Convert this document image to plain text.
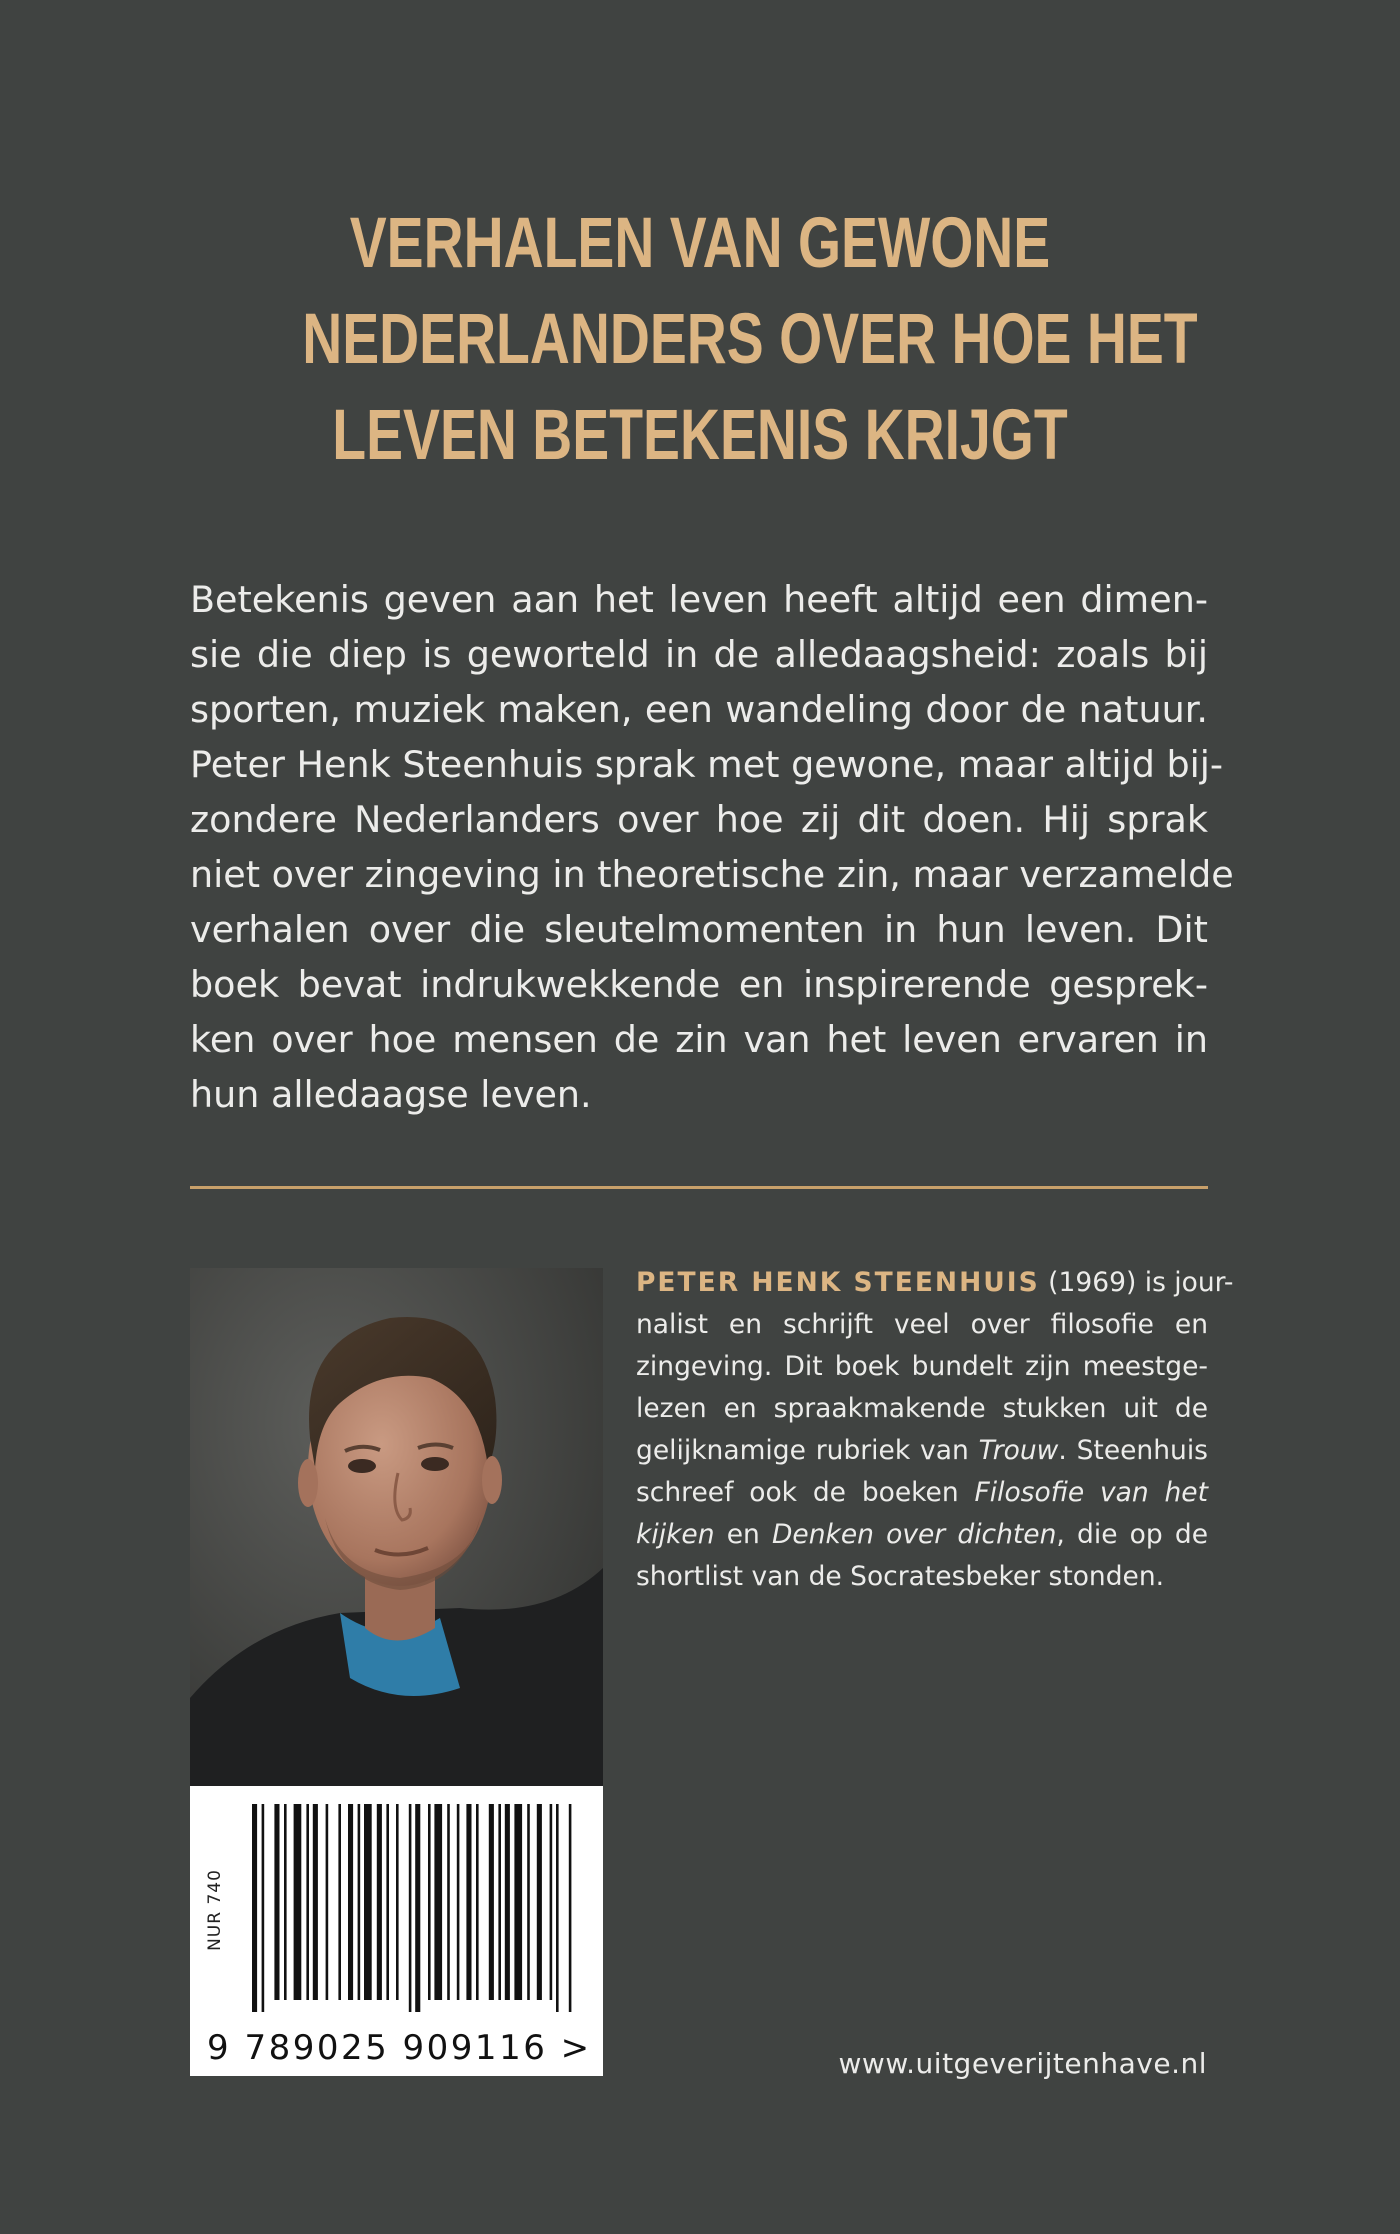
VERHALEN VAN GEWONE
NEDERLANDERS OVER HOE HET
LEVEN BETEKENIS KRIJGT
Betekenis geven aan het leven heeft altijd een dimen-
sie die diep is geworteld in de alledaagsheid: zoals bij
sporten, muziek maken, een wandeling door de natuur.
Peter Henk Steenhuis sprak met gewone, maar altijd bij-
zondere Nederlanders over hoe zij dit doen. Hij sprak
niet over zingeving in theoretische zin, maar verzamelde
verhalen over die sleutelmomenten in hun leven. Dit
boek bevat indrukwekkende en inspirerende gesprek-
ken over hoe mensen de zin van het leven ervaren in
hun alledaagse leven.
PETER HENK STEENHUIS (1969) is jour-
nalist en schrijft veel over filosofie en
zingeving. Dit boek bundelt zijn meestge-
lezen en spraakmakende stukken uit de
gelijknamige rubriek van Trouw. Steenhuis
schreef ook de boeken Filosofie van het
kijken en Denken over dichten, die op de
shortlist van de Socratesbeker stonden.
NUR 740
9 789025 909116 >	www.uitgeverijtenhave.nl
